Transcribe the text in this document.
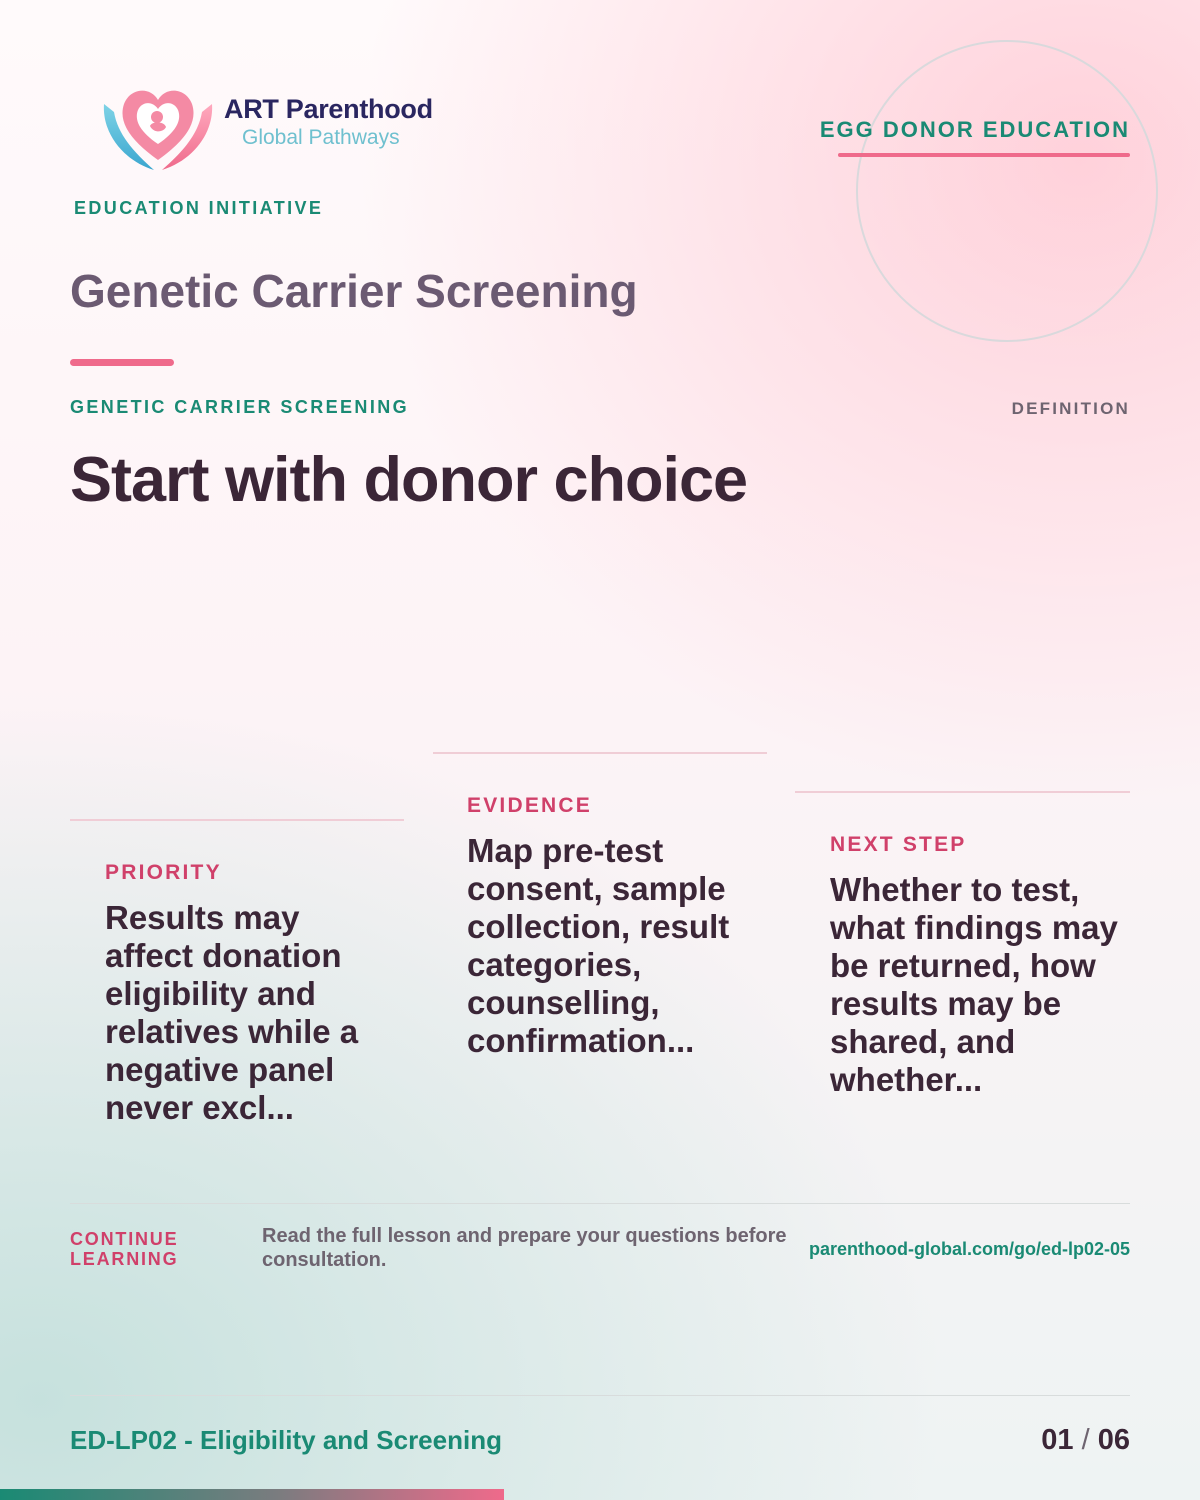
ART Parenthood
Global Pathways
EDUCATION INITIATIVE
EGG DONOR EDUCATION
Genetic Carrier Screening
GENETIC CARRIER SCREENING	DEFINITION
Start with donor choice
PRIORITY
Results may affect donation eligibility and relatives while a negative panel never excl...
EVIDENCE
Map pre-test consent, sample collection, result categories, counselling, confirmation...
NEXT STEP
Whether to test, what findings may be returned, how results may be shared, and whether...
CONTINUE LEARNING
Read the full lesson and prepare your questions before consultation.	parenthood-global.com/go/ed-lp02-05
ED-LP02 - Eligibility and Screening	01 / 06
